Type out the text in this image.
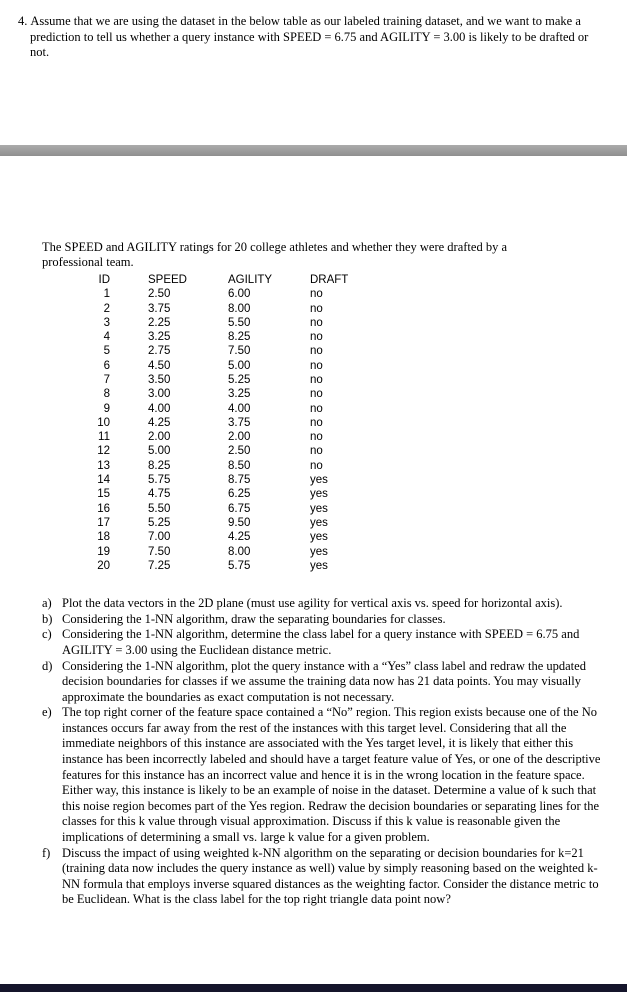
4. Assume that we are using the dataset in the below table as our labeled training dataset, and we want to make a prediction to tell us whether a query instance with SPEED = 6.75 and AGILITY = 3.00 is likely to be drafted or not.

The SPEED and AGILITY ratings for 20 college athletes and whether they were drafted by a professional team.

ID	SPEED	AGILITY	DRAFT
1	2.50	6.00	no
2	3.75	8.00	no
3	2.25	5.50	no
4	3.25	8.25	no
5	2.75	7.50	no
6	4.50	5.00	no
7	3.50	5.25	no
8	3.00	3.25	no
9	4.00	4.00	no
10	4.25	3.75	no
11	2.00	2.00	no
12	5.00	2.50	no
13	8.25	8.50	no
14	5.75	8.75	yes
15	4.75	6.25	yes
16	5.50	6.75	yes
17	5.25	9.50	yes
18	7.00	4.25	yes
19	7.50	8.00	yes
20	7.25	5.75	yes
a) Plot the data vectors in the 2D plane (must use agility for vertical axis vs. speed for horizontal axis).
b) Considering the 1-NN algorithm, draw the separating boundaries for classes.
c) Considering the 1-NN algorithm, determine the class label for a query instance with SPEED = 6.75 and AGILITY = 3.00 using the Euclidean distance metric.
d) Considering the 1-NN algorithm, plot the query instance with a “Yes” class label and redraw the updated decision boundaries for classes if we assume the training data now has 21 data points. You may visually approximate the boundaries as exact computation is not necessary.
e) The top right corner of the feature space contained a “No” region. This region exists because one of the No instances occurs far away from the rest of the instances with this target level. Considering that all the immediate neighbors of this instance are associated with the Yes target level, it is likely that either this instance has been incorrectly labeled and should have a target feature value of Yes, or one of the descriptive features for this instance has an incorrect value and hence it is in the wrong location in the feature space. Either way, this instance is likely to be an example of noise in the dataset. Determine a value of k such that this noise region becomes part of the Yes region. Redraw the decision boundaries or separating lines for the classes for this k value through visual approximation. Discuss if this k value is reasonable given the implications of determining a small vs. large k value for a given problem.
f) Discuss the impact of using weighted k-NN algorithm on the separating or decision boundaries for k=21 (training data now includes the query instance as well) value by simply reasoning based on the weighted k-NN formula that employs inverse squared distances as the weighting factor. Consider the distance metric to be Euclidean. What is the class label for the top right triangle data point now?
